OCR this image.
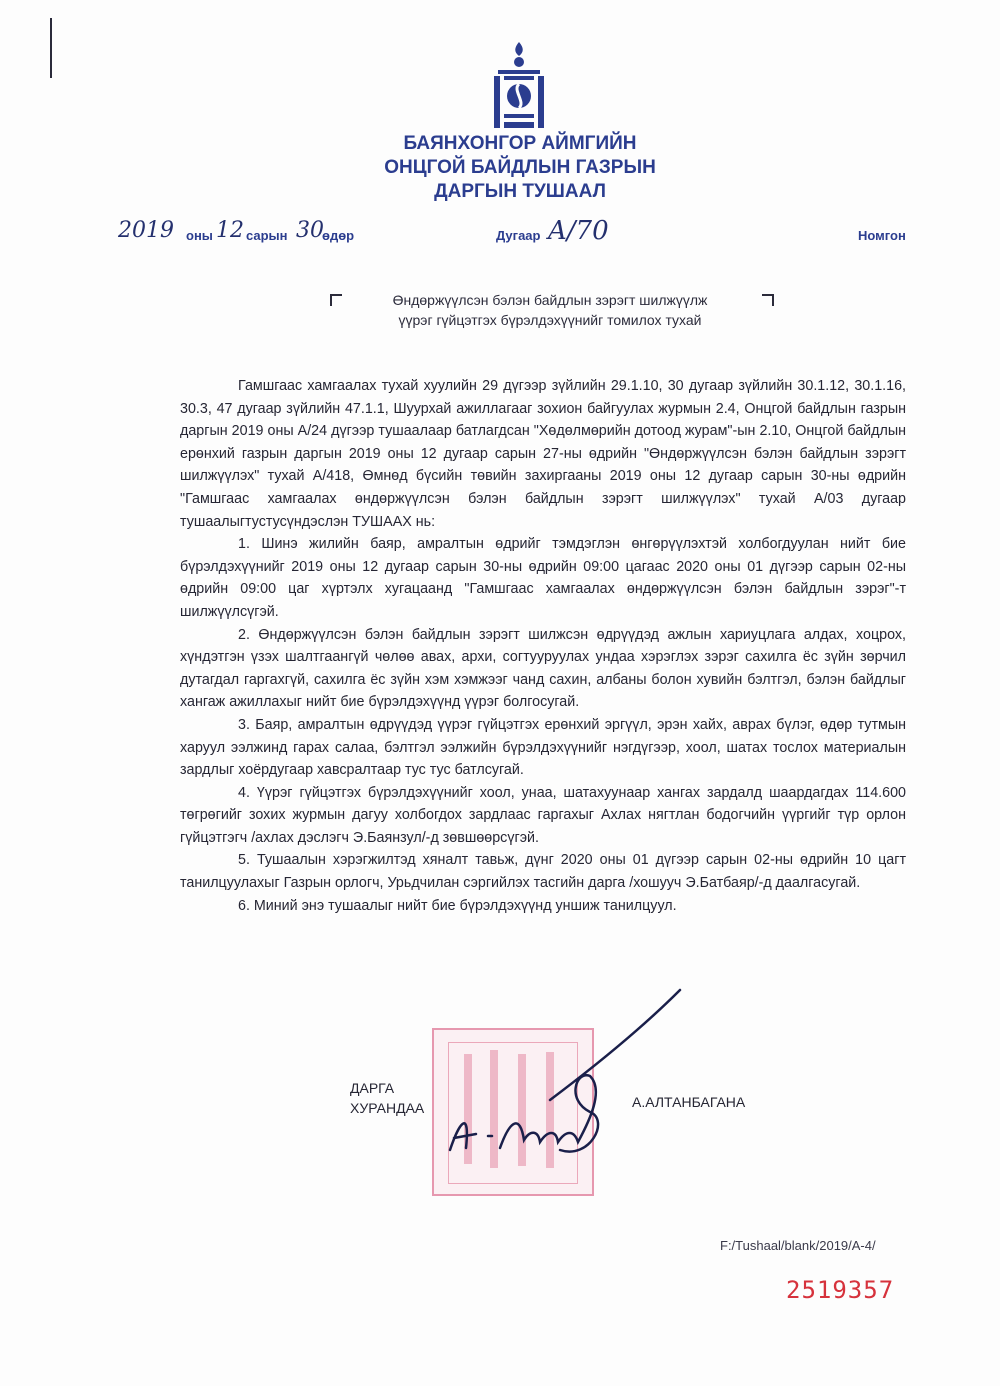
БАЯНХОНГОР АЙМГИЙН
ОНЦГОЙ БАЙДЛЫН ГАЗРЫН
ДАРГЫН ТУШААЛ
2019 оны 12 сарын 30
өдөр	Дугаар A/70	Номгон
Өндөржүүлсэн бэлэн байдлын зэрэгт шилжүүлж
үүрэг гүйцэтгэх бүрэлдэхүүнийг томилох тухай

Гамшгаас хамгаалах тухай хуулийн 29 дүгээр зүйлийн 29.1.10, 30 дугаар зүйлийн 30.1.12, 30.1.16, 30.3, 47 дугаар зүйлийн 47.1.1, Шуурхай ажиллагааг зохион байгуулах журмын 2.4, Онцгой байдлын газрын даргын 2019 оны А/24 дүгээр тушаалаар батлагдсан "Хөдөлмөрийн дотоод журам"-ын 2.10, Онцгой байдлын ерөнхий газрын даргын 2019 оны 12 дугаар сарын 27-ны өдрийн "Өндөржүүлсэн бэлэн байдлын зэрэгт шилжүүлэх" тухай А/418, Өмнөд бүсийн төвийн захиргааны 2019 оны 12 дугаар сарын 30-ны өдрийн "Гамшгаас хамгаалах өндөржүүлсэн бэлэн байдлын зэрэгт шилжүүлэх" тухай А/03 дугаар тушаалыгтустусүндэслэн ТУШААХ нь:

1. Шинэ жилийн баяр, амралтын өдрийг тэмдэглэн өнгөрүүлэхтэй холбогдуулан нийт бие бүрэлдэхүүнийг 2019 оны 12 дугаар сарын 30-ны өдрийн 09:00 цагаас 2020 оны 01 дүгээр сарын 02-ны өдрийн 09:00 цаг хүртэлх хугацаанд "Гамшгаас хамгаалах өндөржүүлсэн бэлэн байдлын зэрэг"-т шилжүүлсүгэй.

2. Өндөржүүлсэн бэлэн байдлын зэрэгт шилжсэн өдрүүдэд ажлын хариуцлага алдах, хоцрох, хүндэтгэн үзэх шалтгаангүй чөлөө авах, архи, согтууруулах ундаа хэрэглэх зэрэг сахилга ёс зүйн зөрчил дутагдал гаргахгүй, сахилга ёс зүйн хэм хэмжээг чанд сахин, албаны болон хувийн бэлтгэл, бэлэн байдлыг хангаж ажиллахыг нийт бие бүрэлдэхүүнд үүрэг болгосугай.

3. Баяр, амралтын өдрүүдэд үүрэг гүйцэтгэх ерөнхий эргүүл, эрэн хайх, аврах бүлэг, өдөр тутмын харуул ээлжинд гарах салаа, бэлтгэл ээлжийн бүрэлдэхүүнийг нэгдүгээр, хоол, шатах тослох материалын зардлыг хоёрдугаар хавсралтаар тус тус батлсугай.

4. Үүрэг гүйцэтгэх бүрэлдэхүүнийг хоол, унаа, шатахуунаар хангах зардалд шаардагдах 114.600 төгрөгийг зохих журмын дагуу холбогдох зардлаас гаргахыг Ахлах нягтлан бодогчийн үүргийг түр орлон гүйцэтгэгч /ахлах дэслэгч Э.Баянзул/-д зөвшөөрсүгэй.

5. Тушаалын хэрэгжилтэд хяналт тавьж, дүнг 2020 оны 01 дүгээр сарын 02-ны өдрийн 10 цагт танилцуулахыг Газрын орлогч, Урьдчилан сэргийлэх тасгийн дарга /хошууч Э.Батбаяр/-д даалгасугай.

6. Миний энэ тушаалыг нийт бие бүрэлдэхүүнд уншиж танилцуул.

ДАРГА
ХУРАНДАА	А.АЛТАНБАГАНА
F:/Tushaal/blank/2019/A-4/
2519357
